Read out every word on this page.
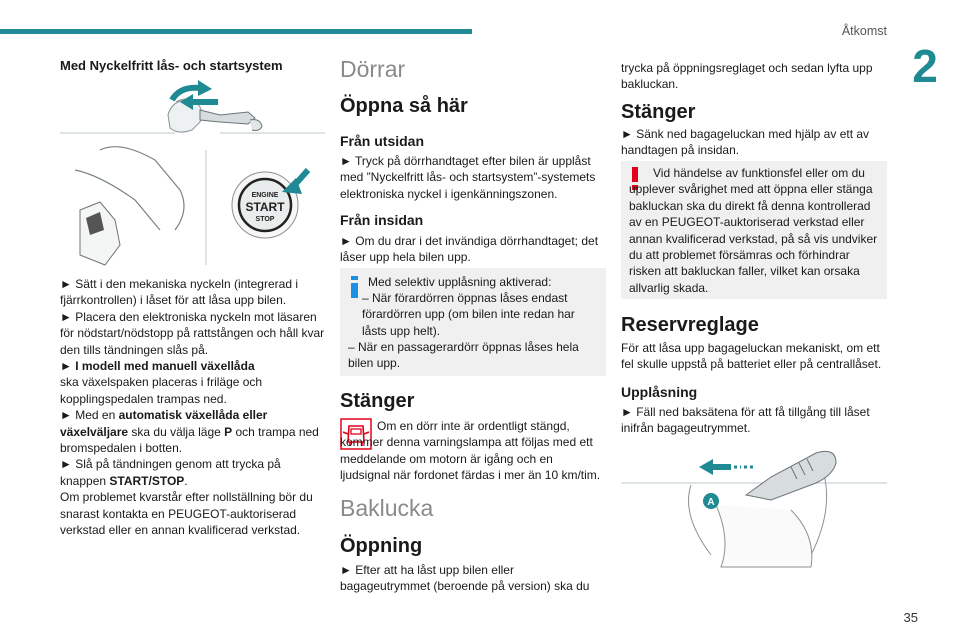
Åtkomst
2
Med Nyckelfritt lås- och startsystem
ENGINE
START
STOP

► Sätt i den mekaniska nyckeln (integrerad i fjärrkontrollen) i låset för att låsa upp bilen.

► Placera den elektroniska nyckeln mot läsaren för nödstart/nödstopp på rattstången och håll kvar den tills tändningen slås på.

► I modell med manuell växellåda
ska växelspaken placeras i friläge och kopplingspedalen trampas ned.

► Med en automatisk växellåda eller växelväljare ska du välja läge P och trampa ned bromspedalen i botten.

► Slå på tändningen genom att trycka på knappen START/STOP.

Om problemet kvarstår efter nollställning bör du snarast kontakta en PEUGEOT-auktoriserad verkstad eller en annan kvalificerad verkstad.

Dörrar
Öppna så här
Från utsidan

► Tryck på dörrhandtaget efter bilen är upplåst med ”Nyckelfritt lås- och startsystem”-systemets elektroniska nyckel i igenkänningszonen.

Från insidan

► Om du drar i det invändiga dörrhandtaget; det låser upp hela bilen upp.

Med selektiv upplåsning aktiverad:

– När förardörren öppnas låses endast förardörren upp (om bilen inte redan har låsts upp helt).

– När en passagerardörr öppnas låses hela bilen upp.

Stänger

Om en dörr inte är ordentligt stängd, kommer denna varningslampa att följas med ett meddelande om motorn är igång och en ljudsignal när fordonet färdas i mer än 10 km/tim.

Baklucka
Öppning

► Efter att ha låst upp bilen eller bagageutrymmet (beroende på version) ska du

trycka på öppningsreglaget och sedan lyfta upp bakluckan.

Stänger

► Sänk ned bagageluckan med hjälp av ett av handtagen på insidan.

Vid händelse av funktionsfel eller om du upplever svårighet med att öppna eller stänga bakluckan ska du direkt få denna kontrollerad av en PEUGEOT-auktoriserad verkstad eller annan kvalificerad verkstad, på så vis undviker du att problemet försämras och förhindrar risken att bakluckan faller, vilket kan orsaka allvarlig skada.

Reservreglage

För att låsa upp bagageluckan mekaniskt, om ett fel skulle uppstå på batteriet eller på centrallåset.

Upplåsning

► Fäll ned baksätena för att få tillgång till låset inifrån bagageutrymmet.

A
35
